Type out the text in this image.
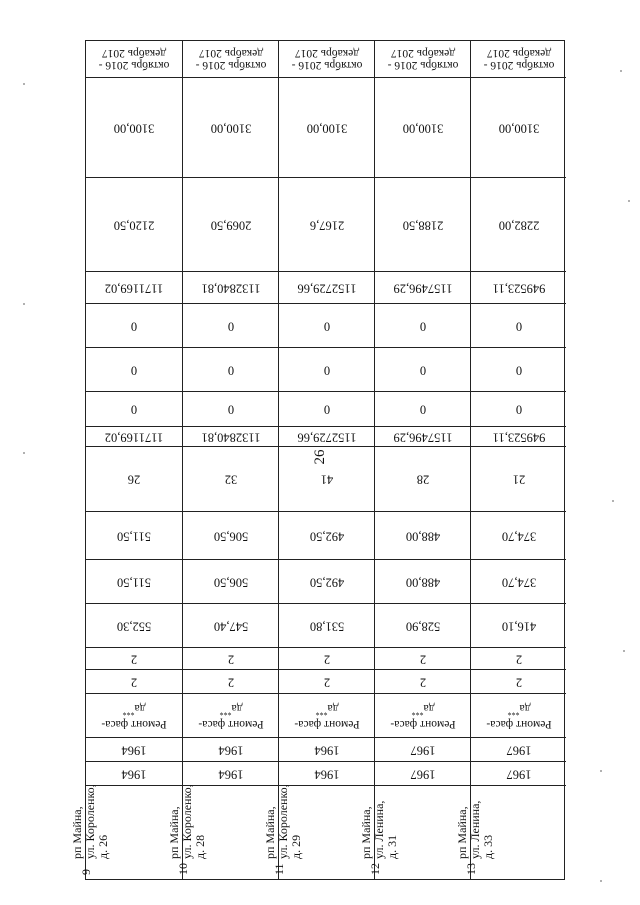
26
октябрь 2016 -
декабрь 2017
3100,00
2120,50
1171169,02
0
0
0
1171169,02
26
511,50
511,50
552,30
2
2
Ремонт фаса-
да***
1964
1964
9
рп Майна,
ул. Короленко,
д. 26
октябрь 2016 -
декабрь 2017
3100,00
2069,50
1132840,81
0
0
0
1132840,81
32
506,50
506,50
547,40
2
2
Ремонт фаса-
да***
1964
1964
10
рп Майна,
ул. Короленко,
д. 28
октябрь 2016 -
декабрь 2017
3100,00
2167,6
1152729,66
0
0
0
1152729,66
41
492,50
492,50
531,80
2
2
Ремонт фаса-
да***
1964
1964
11
рп Майна,
ул. Короленко,
д. 29
октябрь 2016 -
декабрь 2017
3100,00
2188,50
1157496,29
0
0
0
1157496,29
28
488,00
488,00
528,90
2
2
Ремонт фаса-
да***
1967
1967
12
рп Майна,
ул. Ленина,
д. 31
октябрь 2016 -
декабрь 2017
3100,00
2282,00
949523,11
0
0
0
949523,11
21
374,70
374,70
416,10
2
2
Ремонт фаса-
да***
1967
1967
13
рп Майна,
ул. Ленина,
д. 33
